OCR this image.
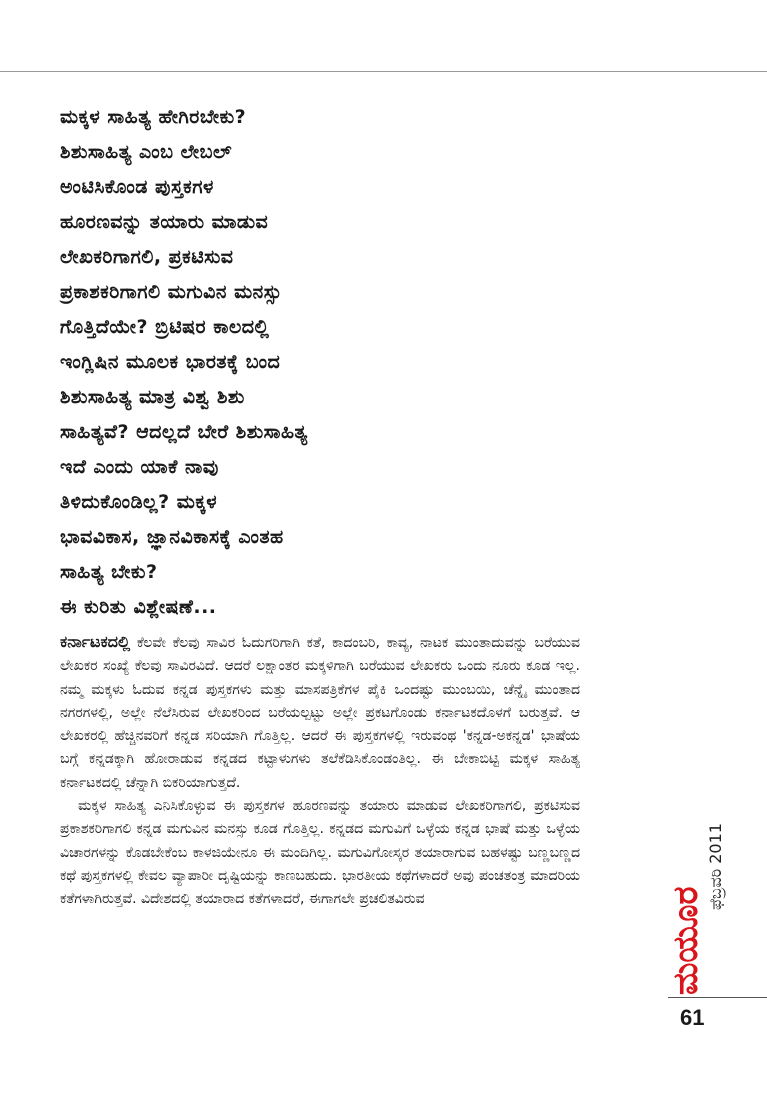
ಮಕ್ಕಳ ಸಾಹಿತ್ಯ ಹೇಗಿರಬೇಕು?
ಶಿಶುಸಾಹಿತ್ಯ ಎಂಬ ಲೇಬಲ್
ಅಂಟಿಸಿಕೊಂಡ ಪುಸ್ತಕಗಳ
ಹೂರಣವನ್ನು ತಯಾರು ಮಾಡುವ
ಲೇಖಕರಿಗಾಗಲಿ, ಪ್ರಕಟಿಸುವ
ಪ್ರಕಾಶಕರಿಗಾಗಲಿ ಮಗುವಿನ ಮನಸ್ಸು
ಗೊತ್ತಿದೆಯೇ? ಬ್ರಿಟಿಷರ ಕಾಲದಲ್ಲಿ
ಇಂಗ್ಲಿಷಿನ ಮೂಲಕ ಭಾರತಕ್ಕೆ ಬಂದ
ಶಿಶುಸಾಹಿತ್ಯ ಮಾತ್ರ ವಿಶ್ವ ಶಿಶು
ಸಾಹಿತ್ಯವೆ? ಆದಲ್ಲದೆ ಬೇರೆ ಶಿಶುಸಾಹಿತ್ಯ
ಇದೆ ಎಂದು ಯಾಕೆ ನಾವು
ತಿಳಿದುಕೊಂಡಿಲ್ಲ? ಮಕ್ಕಳ
ಭಾವವಿಕಾಸ, ಜ್ಞಾನವಿಕಾಸಕ್ಕೆ ಎಂತಹ
ಸಾಹಿತ್ಯ ಬೇಕು?
ಈ ಕುರಿತು ವಿಶ್ಲೇಷಣೆ...

ಕರ್ನಾಟಕದಲ್ಲಿ ಕೆಲವೇ ಕೆಲವು ಸಾವಿರ ಓದುಗರಿಗಾಗಿ ಕತೆ, ಕಾದಂಬರಿ, ಕಾವ್ಯ, ನಾಟಕ ಮುಂತಾದುವನ್ನು ಬರೆಯುವ ಲೇಖಕರ ಸಂಖ್ಯೆ ಕೆಲವು ಸಾವಿರವಿದೆ. ಆದರೆ ಲಕ್ಷಾಂತರ ಮಕ್ಕಳಿಗಾಗಿ ಬರೆಯುವ ಲೇಖಕರು ಒಂದು ನೂರು ಕೂಡ ಇಲ್ಲ. ನಮ್ಮ ಮಕ್ಕಳು ಓದುವ ಕನ್ನಡ ಪುಸ್ತಕಗಳು ಮತ್ತು ಮಾಸಪತ್ರಿಕೆಗಳ ಪೈಕಿ ಒಂದಷ್ಟು ಮುಂಬಯಿ, ಚೆನ್ನೈ ಮುಂತಾದ ನಗರಗಳಲ್ಲಿ, ಅಲ್ಲೇ ನೆಲೆಸಿರುವ ಲೇಖಕರಿಂದ ಬರೆಯಲ್ಪಟ್ಟು ಅಲ್ಲೇ ಪ್ರಕಟಗೊಂಡು ಕರ್ನಾಟಕದೊಳಗೆ ಬರುತ್ತವೆ. ಆ ಲೇಖಕರಲ್ಲಿ ಹೆಚ್ಚಿನವರಿಗೆ ಕನ್ನಡ ಸರಿಯಾಗಿ ಗೊತ್ತಿಲ್ಲ. ಆದರೆ ಈ ಪುಸ್ತಕಗಳಲ್ಲಿ ಇರುವಂಥ 'ಕನ್ನಡ-ಅಕನ್ನಡ' ಭಾಷೆಯ ಬಗ್ಗೆ ಕನ್ನಡಕ್ಕಾಗಿ ಹೋರಾಡುವ ಕನ್ನಡದ ಕಟ್ಟಾಳುಗಳು ತಲೆಕೆಡಿಸಿಕೊಂಡಂತಿಲ್ಲ. ಈ ಬೇಕಾಬಿಟ್ಟಿ ಮಕ್ಕಳ ಸಾಹಿತ್ಯ ಕರ್ನಾಟಕದಲ್ಲಿ ಚೆನ್ನಾಗಿ ಬಿಕರಿಯಾಗುತ್ತದೆ.

ಮಕ್ಕಳ ಸಾಹಿತ್ಯ ಎನಿಸಿಕೊಳ್ಳುವ ಈ ಪುಸ್ತಕಗಳ ಹೂರಣವನ್ನು ತಯಾರು ಮಾಡುವ ಲೇಖಕರಿಗಾಗಲಿ, ಪ್ರಕಟಿಸುವ ಪ್ರಕಾಶಕರಿಗಾಗಲಿ ಕನ್ನಡ ಮಗುವಿನ ಮನಸ್ಸು ಕೂಡ ಗೊತ್ತಿಲ್ಲ. ಕನ್ನಡದ ಮಗುವಿಗೆ ಒಳ್ಳೆಯ ಕನ್ನಡ ಭಾಷೆ ಮತ್ತು ಒಳ್ಳೆಯ ವಿಚಾರಗಳನ್ನು ಕೊಡಬೇಕೆಂಬ ಕಾಳಜಿಯೇನೂ ಈ ಮಂದಿಗಿಲ್ಲ. ಮಗುವಿಗೋಸ್ಕರ ತಯಾರಾಗುವ ಬಹಳಷ್ಟು ಬಣ್ಣಬಣ್ಣದ ಕಥೆ ಪುಸ್ತಕಗಳಲ್ಲಿ ಕೇವಲ ವ್ಯಾಪಾರೀ ದೃಷ್ಟಿಯನ್ನು ಕಾಣಬಹುದು. ಭಾರತೀಯ ಕಥೆಗಳಾದರೆ ಅವು ಪಂಚತಂತ್ರ ಮಾದರಿಯ ಕತೆಗಳಾಗಿರುತ್ತವೆ. ವಿದೇಶದಲ್ಲಿ ತಯಾರಾದ ಕತೆಗಳಾದರೆ, ಈಗಾಗಲೇ ಪ್ರಚಲಿತವಿರುವ	ಫೆಬ್ರವರಿ 2011
ಮಯೂರ
61
